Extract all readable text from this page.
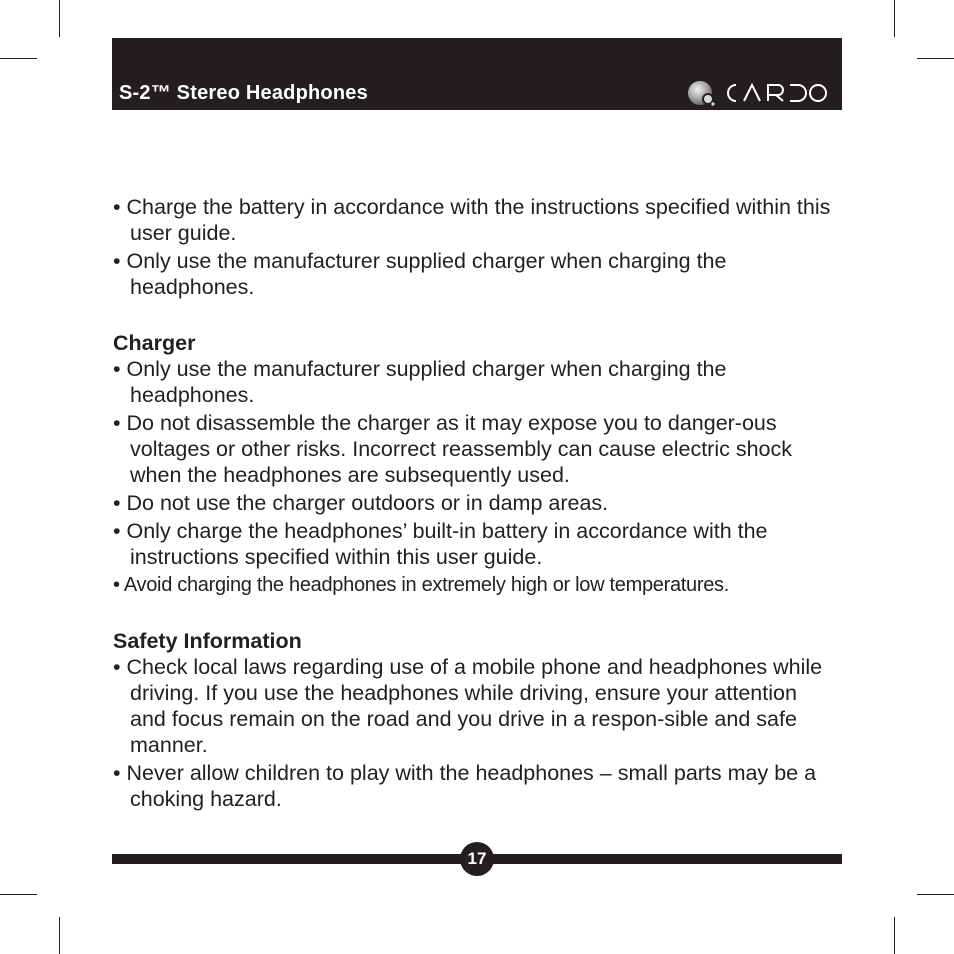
S-2™ Stereo Headphones

• Charge the battery in accordance with the instructions specified within this user guide.

• Only use the manufacturer supplied charger when charging the headphones.

Charger

• Only use the manufacturer supplied charger when charging the headphones.

• Do not disassemble the charger as it may expose you to danger-ous voltages or other risks. Incorrect reassembly can cause electric shock when the headphones are subsequently used.

• Do not use the charger outdoors or in damp areas.

• Only charge the headphones’ built-in battery in accordance with the instructions specified within this user guide.

• Avoid charging the headphones in extremely high or low temperatures.

Safety Information

• Check local laws regarding use of a mobile phone and headphones while driving. If you use the headphones while driving, ensure your attention and focus remain on the road and you drive in a respon-sible and safe manner.

• Never allow children to play with the headphones – small parts may be a choking hazard.

17
